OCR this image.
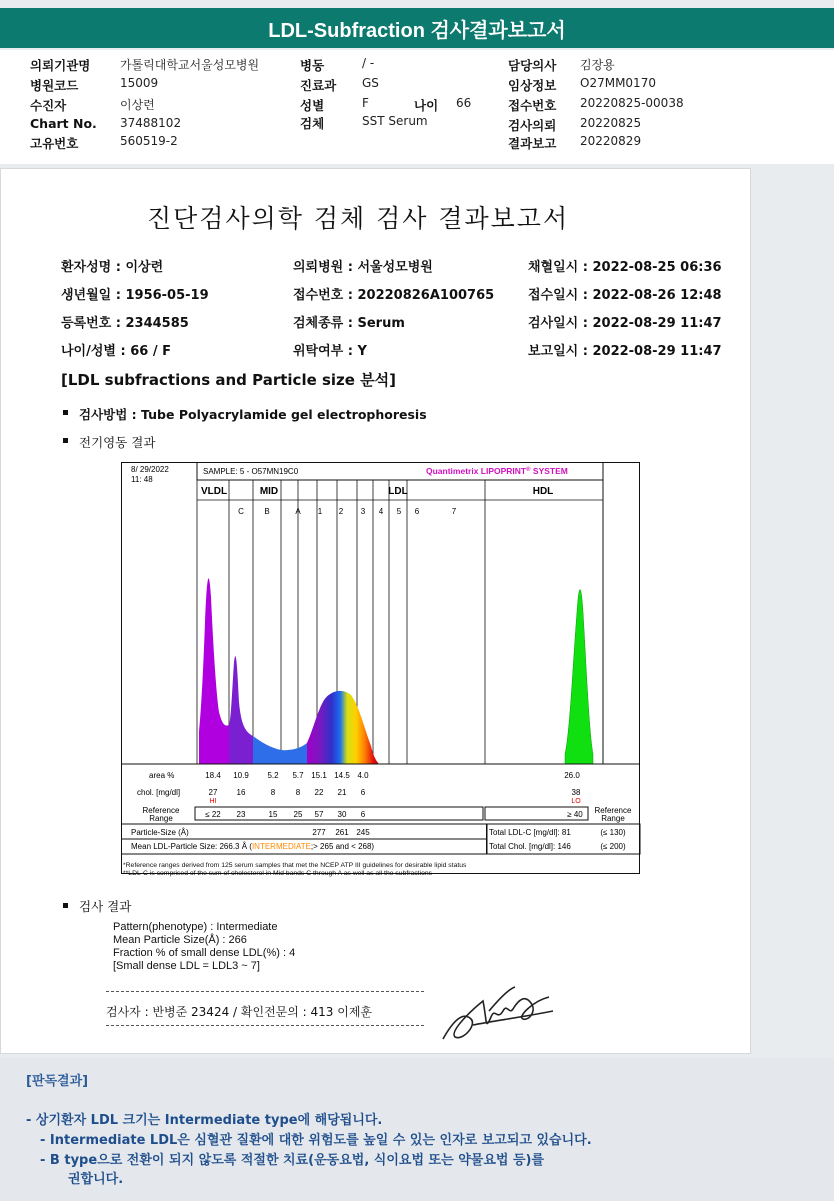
LDL-Subfraction 검사결과보고서
의뢰기관명 가톨릭대학교서울성모병원
병원코드	15009
수진자	이상련
Chart No. 37488102
고유번호	560519-2
병동	/ -
진료과 GS
성별	F	나이 66
검체	SST Serum
담당의사 김장용
임상정보 O27MM0170
접수번호 20220825-00038
검사의뢰 20220825
결과보고 20220829
진단검사의학 검체 검사 결과보고서
환자성명 : 이상련	의뢰병원 : 서울성모병원	채혈일시 : 2022-08-25 06:36
생년월일 : 1956-05-19	접수번호 : 20220826A100765	접수일시 : 2022-08-26 12:48
등록번호 : 2344585	검체종류 : Serum	검사일시 : 2022-08-29 11:47
나이/성별 : 66 / F	위탁여부 : Y	보고일시 : 2022-08-29 11:47
[LDL subfractions and Particle size 분석]
검사방법 : Tube Polyacrylamide gel electrophoresis
전기영동 결과
8/ 29/2022
11: 48
SAMPLE: 5 - O57MN19C0	Quantimetrix LIPOPRINT® SYSTEM
VLDL	MID	LDL	HDL
C	B	A 1 2 3 4 5 6	7
area %	18.4 10.9 5.2 5.7 15.1 14.5 4.0	26.0
chol. [mg/dl]	27 16	8	8 22 21 6	38
HI	LO
Reference
Range	≤ 22 23	15 25 57 30 6	≥ 40 Reference
Range
Particle-Size (Å)	277 261 245	Total LDL-C [mg/dl]: 81	(≤ 130)
Mean LDL-Particle Size: 266.3 Å (INTERMEDIATE;> 265 and < 268)	Total Chol. [mg/dl]: 146	(≤ 200)
*Reference ranges derived from 125 serum samples that met the NCEP ATP III guidelines for desirable lipid status
**LDL-C is comprised of the sum of cholesterol in Mid bands C through A as well as all the subfractions
검사 결과
Pattern(phenotype) : Intermediate
Mean Particle Size(Å) : 266
Fraction % of small dense LDL(%) : 4
[Small dense LDL = LDL3 ~ 7]
검사자 : 반병준 23424 / 확인전문의 : 413 이제훈
[판독결과]
- 상기환자 LDL 크기는 Intermediate type에 해당됩니다.
- Intermediate LDL은 심혈관 질환에 대한 위험도를 높일 수 있는 인자로 보고되고 있습니다.
- B type으로 전환이 되지 않도록 적절한 치료(운동요법, 식이요법 또는 약물요법 등)를
권합니다.
